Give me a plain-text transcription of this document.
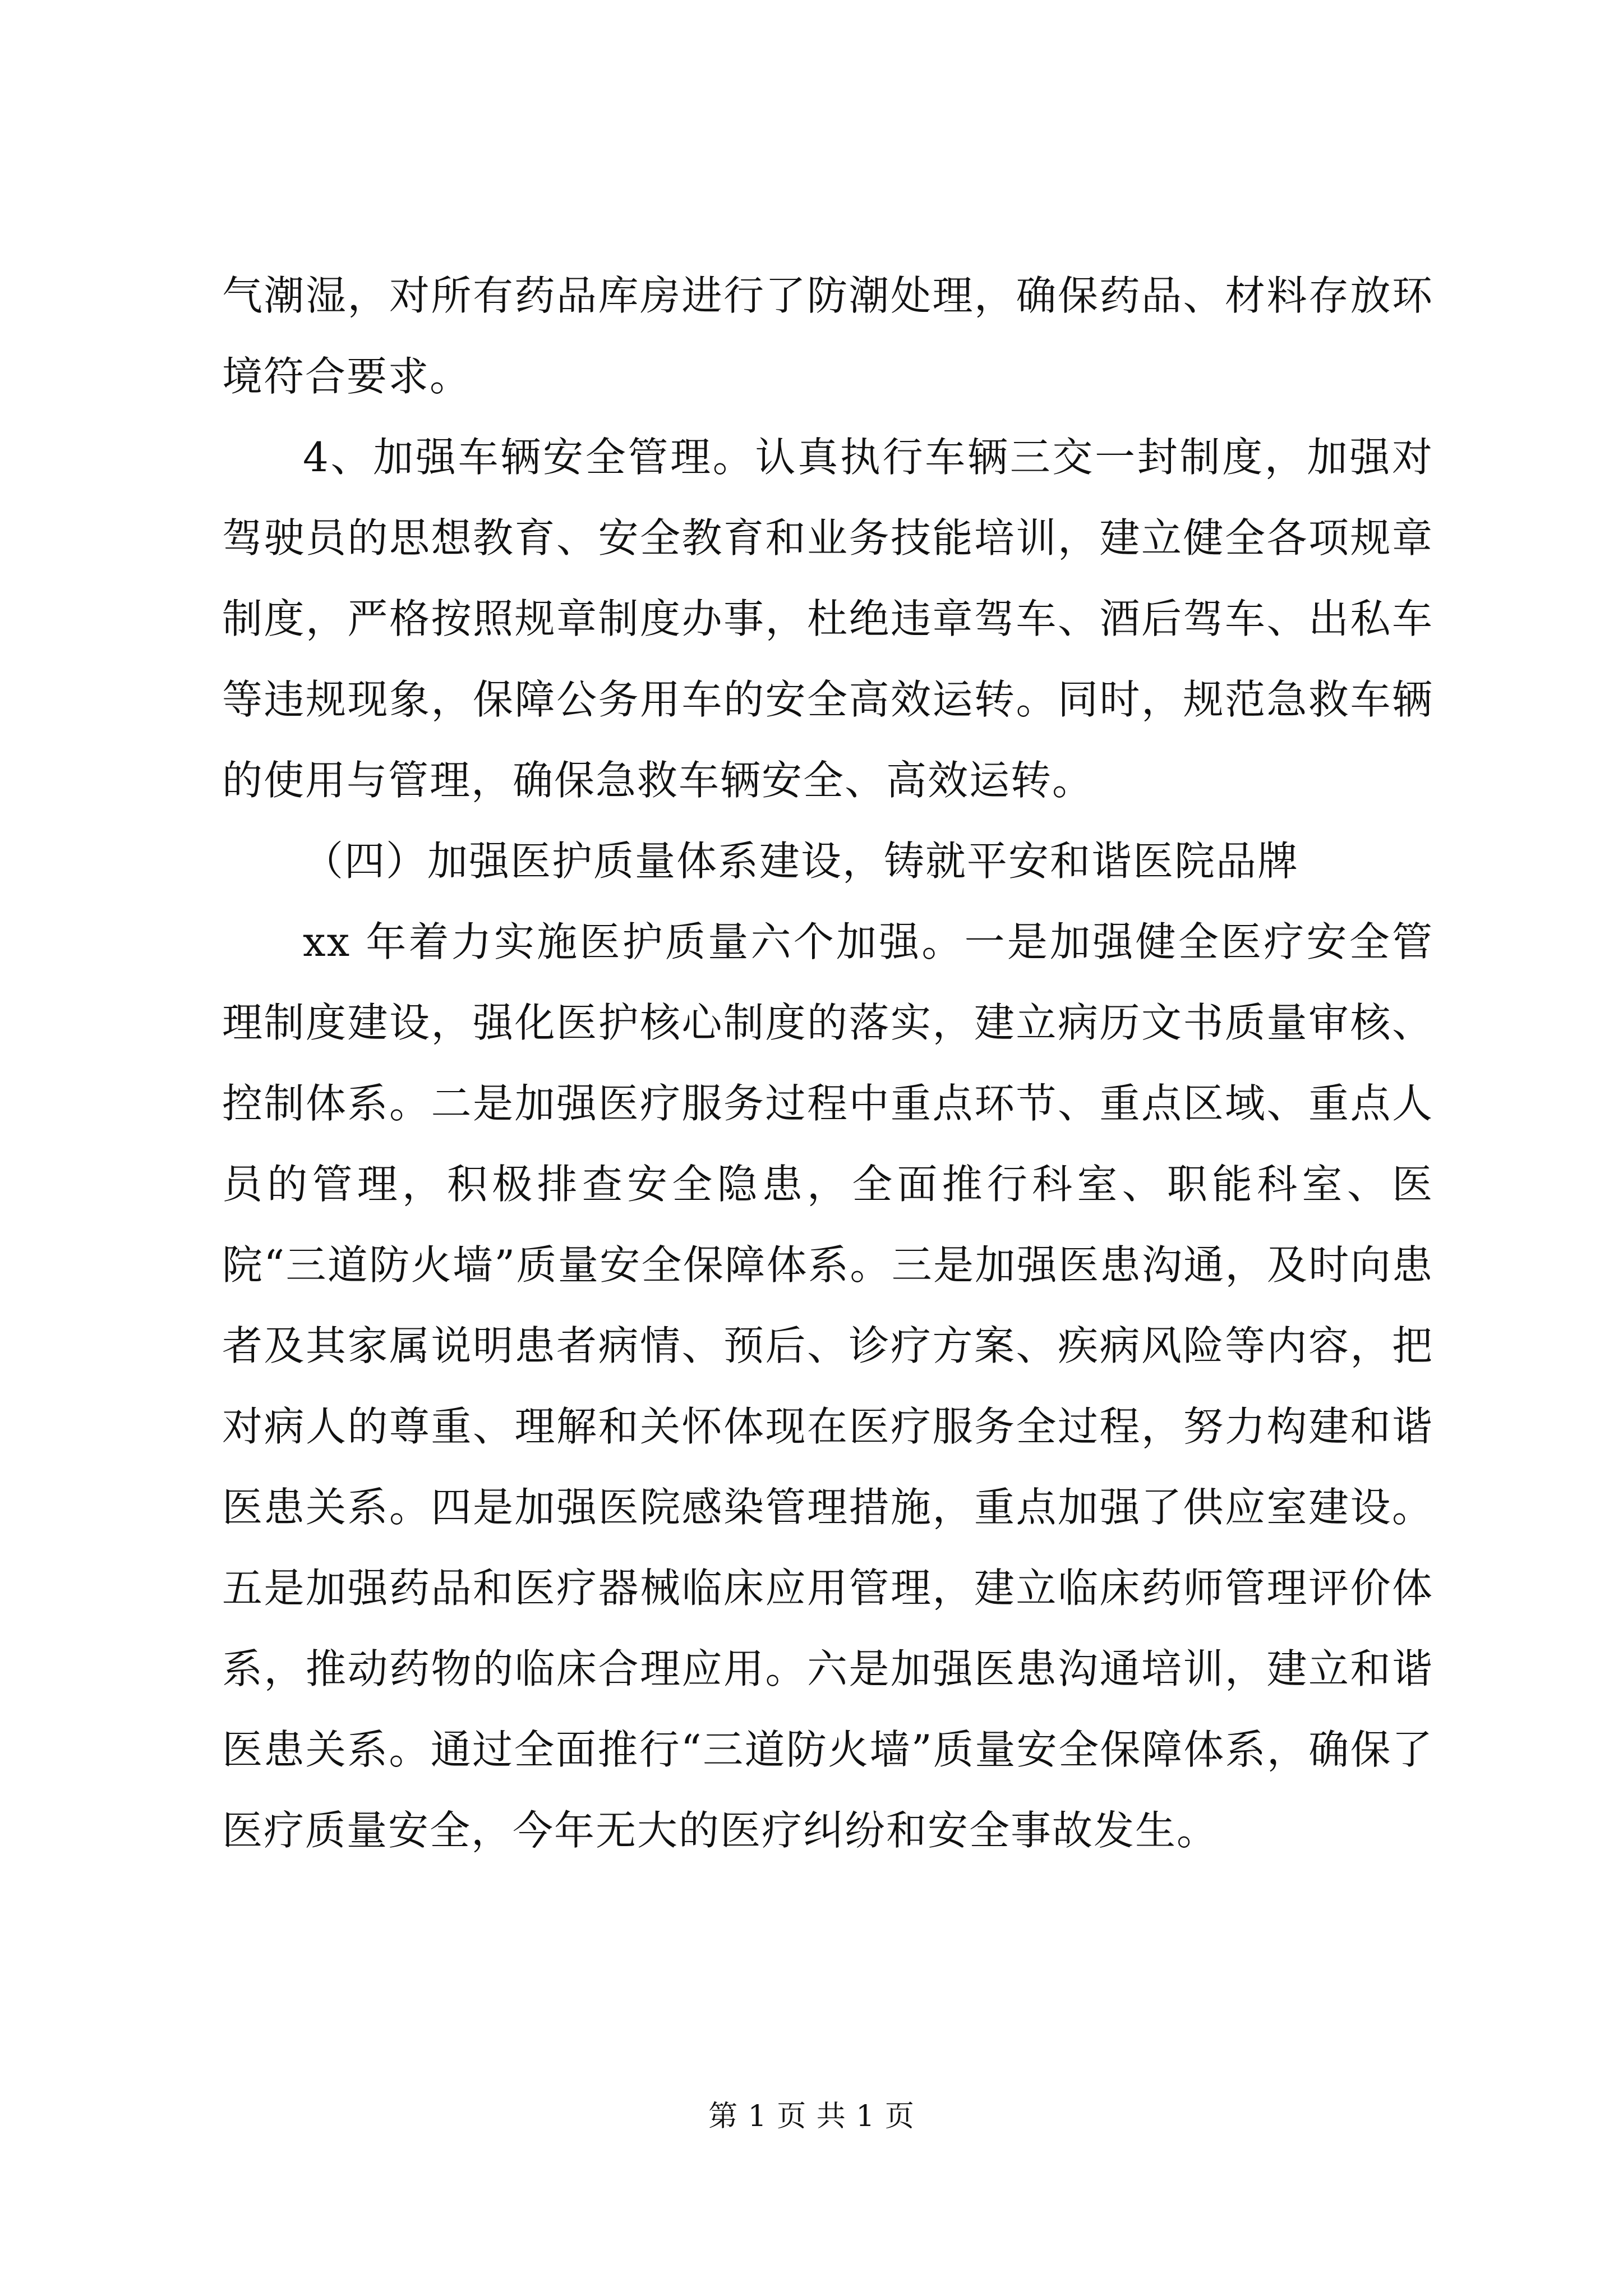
气潮湿，对所有药品库房进行了防潮处理，确保药品、材料存放环境符合要求。

4、加强车辆安全管理。认真执行车辆三交一封制度，加强对驾驶员的思想教育、安全教育和业务技能培训，建立健全各项规章制度，严格按照规章制度办事，杜绝违章驾车、酒后驾车、出私车等违规现象，保障公务用车的安全高效运转。同时，规范急救车辆的使用与管理，确保急救车辆安全、高效运转。

（四）加强医护质量体系建设，铸就平安和谐医院品牌

xx 年着力实施医护质量六个加强。一是加强健全医疗安全管理制度建设，强化医护核心制度的落实，建立病历文书质量审核、控制体系。二是加强医疗服务过程中重点环节、重点区域、重点人员的管理，积极排查安全隐患，全面推行科室、职能科室、医院“三道防火墙”质量安全保障体系。三是加强医患沟通，及时向患者及其家属说明患者病情、预后、诊疗方案、疾病风险等内容，把对病人的尊重、理解和关怀体现在医疗服务全过程，努力构建和谐医患关系。四是加强医院感染管理措施，重点加强了供应室建设。五是加强药品和医疗器械临床应用管理，建立临床药师管理评价体系，推动药物的临床合理应用。六是加强医患沟通培训，建立和谐医患关系。通过全面推行“三道防火墙”质量安全保障体系，确保了医疗质量安全，今年无大的医疗纠纷和安全事故发生。

第 1 页 共 1 页
